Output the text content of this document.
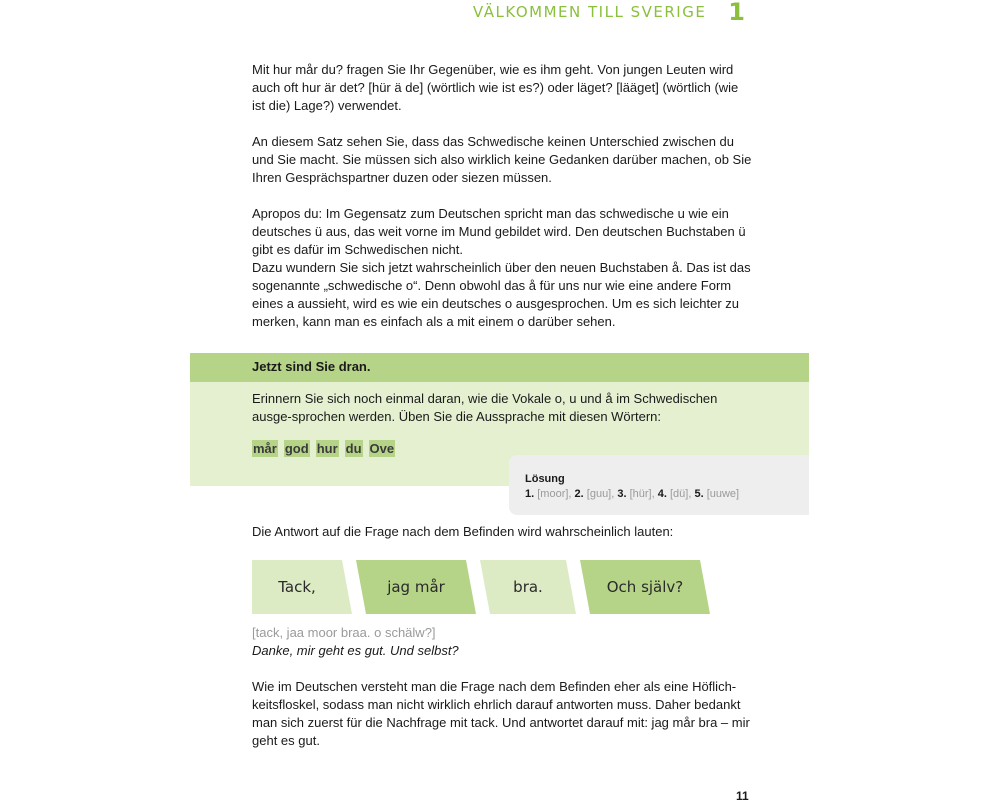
VÄLKOMMEN TILL SVERIGE 1

Mit hur mår du? fragen Sie Ihr Gegenüber, wie es ihm geht. Von jungen Leuten wird auch oft hur är det? [hür ä de] (wörtlich wie ist es?) oder läget? [lääget] (wörtlich (wie ist die) Lage?) verwendet.

An diesem Satz sehen Sie, dass das Schwedische keinen Unterschied zwischen du und Sie macht. Sie müssen sich also wirklich keine Gedanken darüber machen, ob Sie Ihren Gesprächspartner duzen oder siezen müssen.

Apropos du: Im Gegensatz zum Deutschen spricht man das schwedische u wie ein deutsches ü aus, das weit vorne im Mund gebildet wird. Den deutschen Buchstaben ü gibt es dafür im Schwedischen nicht.

Dazu wundern Sie sich jetzt wahrscheinlich über den neuen Buchstaben å. Das ist das sogenannte „schwedische o“. Denn obwohl das å für uns nur wie eine andere Form eines a aussieht, wird es wie ein deutsches o ausgesprochen. Um es sich leichter zu merken, kann man es einfach als a mit einem o darüber sehen.

Jetzt sind Sie dran.
Erinnern Sie sich noch einmal daran, wie die Vokale o, u und å im Schwedischen ausge-sprochen werden. Üben Sie die Aussprache mit diesen Wörtern:
mår god hur du Ove
Lösung
1. [moor], 2. [guu], 3. [hür], 4. [dü], 5. [uuwe]

Die Antwort auf die Frage nach dem Befinden wird wahrscheinlich lauten:

Tack,	jag mår	bra.	Och själv?

[tack, jaa moor braa. o schälw?]

Danke, mir geht es gut. Und selbst?

Wie im Deutschen versteht man die Frage nach dem Befinden eher als eine Höflich-keitsfloskel, sodass man nicht wirklich ehrlich darauf antworten muss. Daher bedankt man sich zuerst für die Nachfrage mit tack. Und antwortet darauf mit: jag mår bra – mir geht es gut.

11
